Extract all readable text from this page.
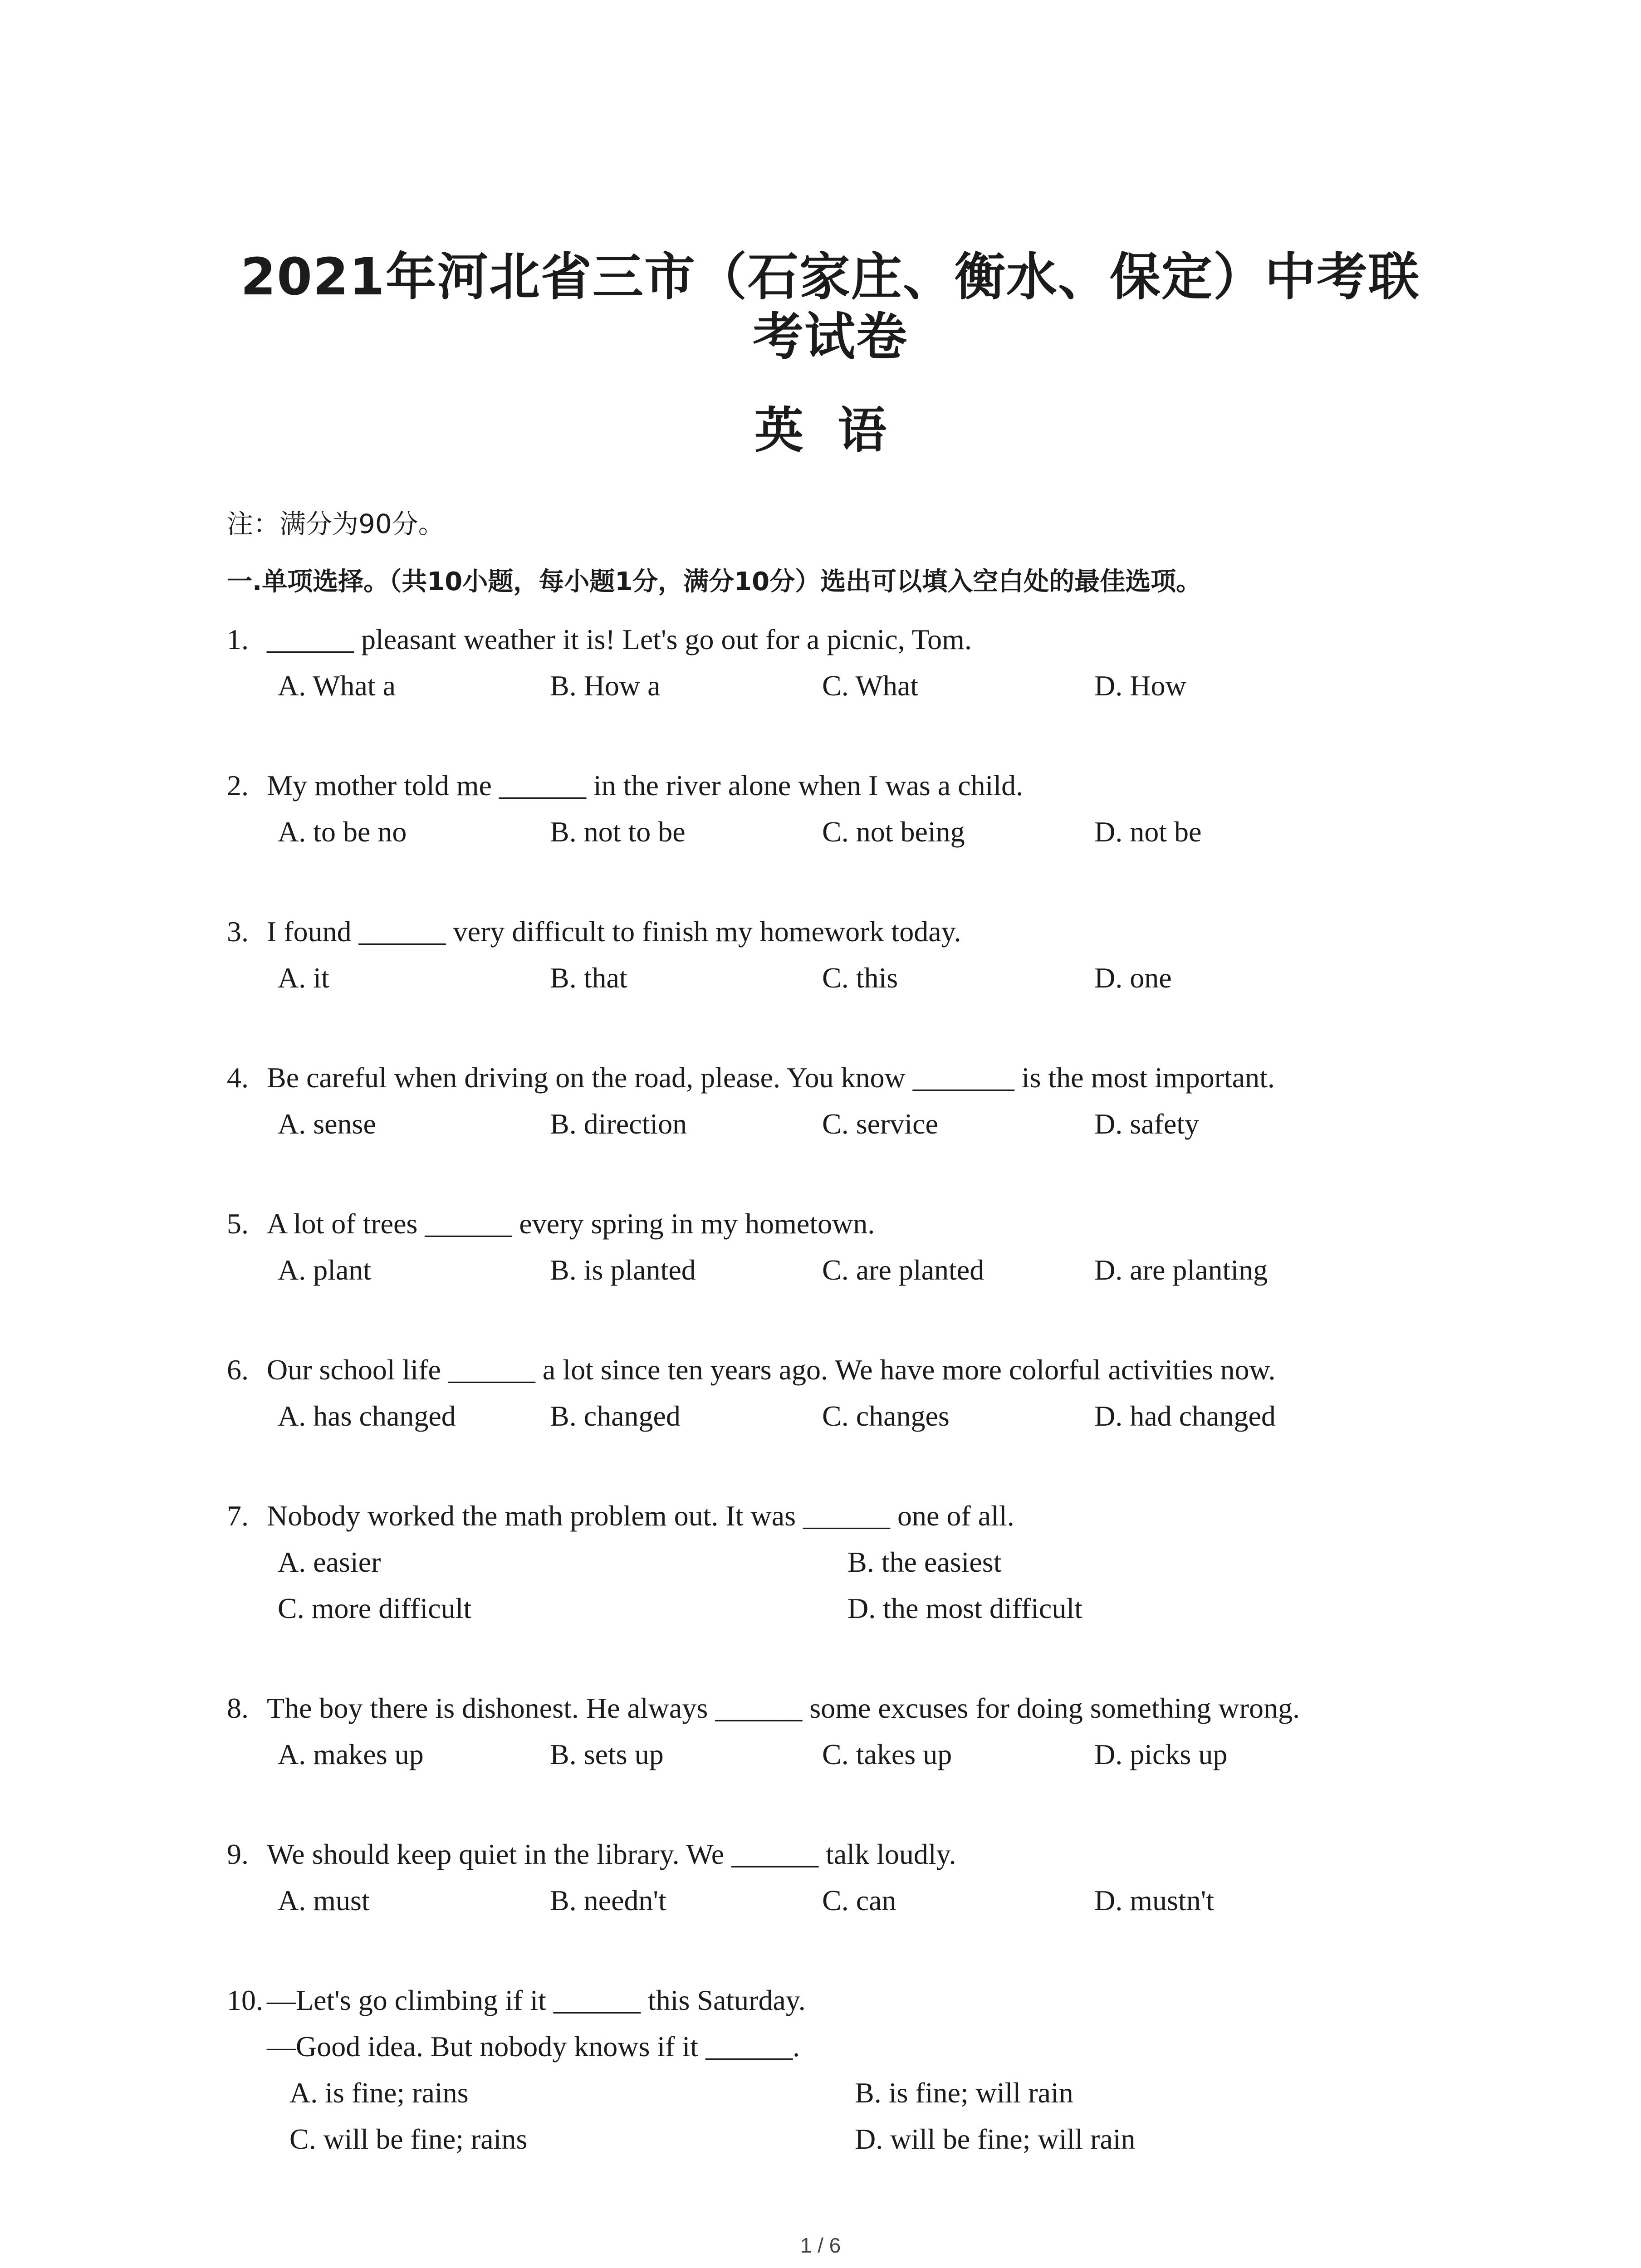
2021年河北省三市（石家庄、衡水、保定）中考联考试卷
英  语
注：满分为90分。
一.单项选择。（共10小题，每小题1分，满分10分）选出可以填入空白处的最佳选项。
1. ______ pleasant weather it is! Let's go out for a picnic, Tom.
A. What a	B. How a	C. What	D. How
2. My mother told me ______ in the river alone when I was a child.
A. to be no	B. not to be	C. not being	D. not be
3. I found ______ very difficult to finish my homework today.
A. it	B. that	C. this	D. one
4. Be careful when driving on the road, please. You know _______ is the most important.
A. sense	B. direction	C. service	D. safety
5. A lot of trees ______ every spring in my hometown.
A. plant	B. is planted	C. are planted	D. are planting
6. Our school life ______ a lot since ten years ago. We have more colorful activities now.
A. has changed	B. changed	C. changes	D. had changed
7. Nobody worked the math problem out. It was ______ one of all.
A. easier	B. the easiest
C. more difficult	D. the most difficult
8. The boy there is dishonest. He always ______ some excuses for doing something wrong.
A. makes up	B. sets up	C. takes up	D. picks up
9. We should keep quiet in the library. We ______ talk loudly.
A. must	B. needn't	C. can	D. mustn't
10. —Let's go climbing if it ______ this Saturday.
—Good idea. But nobody knows if it ______.
A. is fine; rains	B. is fine; will rain
C. will be fine; rains	D. will be fine; will rain
1 / 6
